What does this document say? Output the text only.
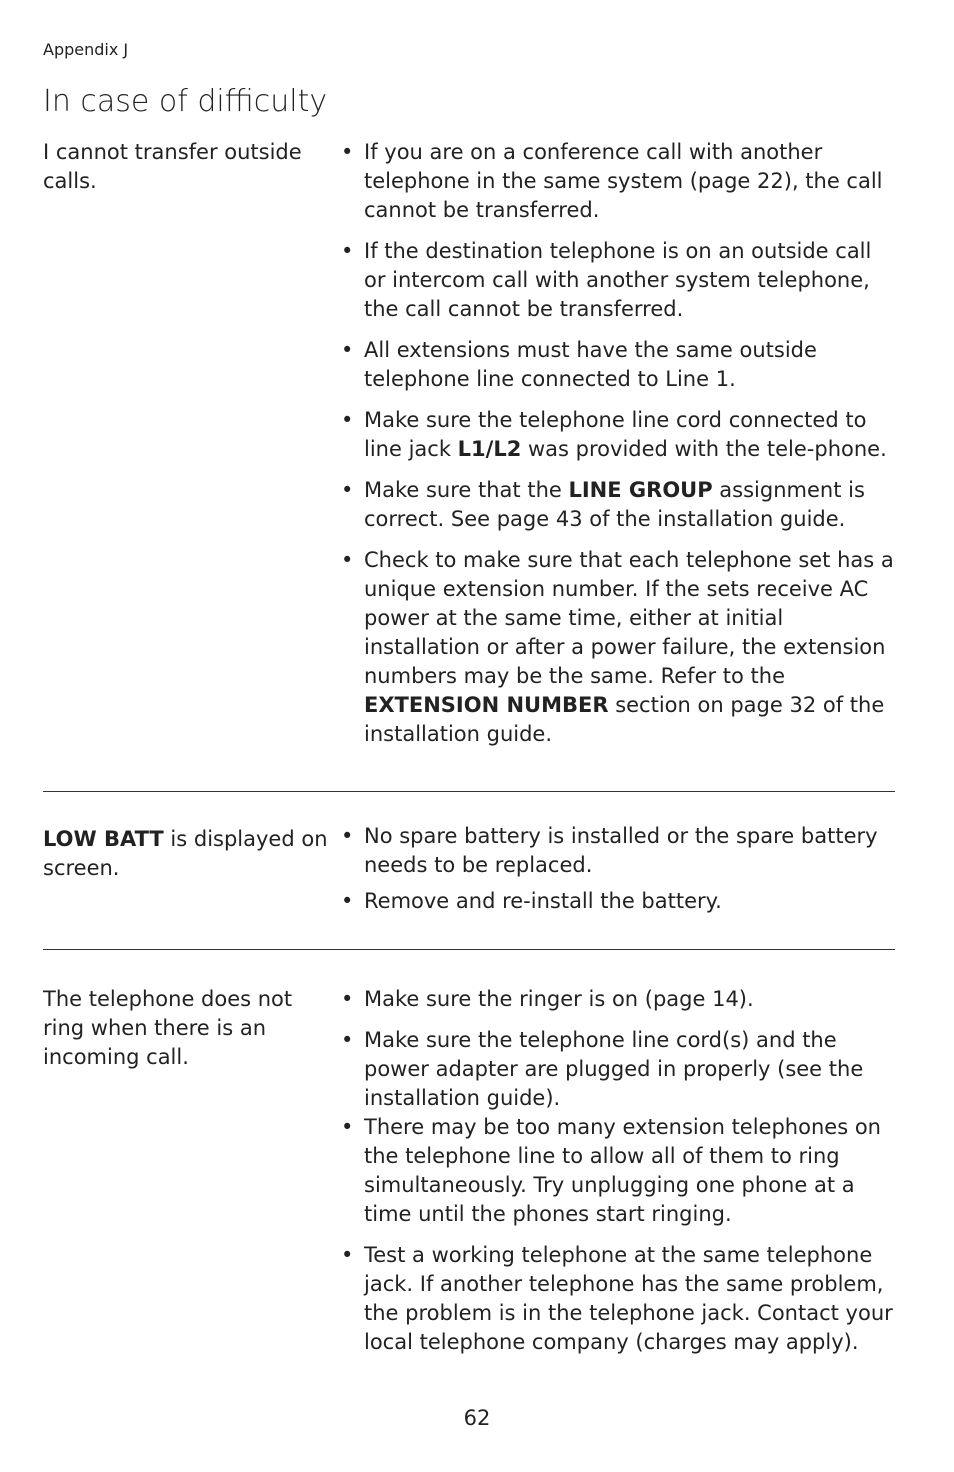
Appendix J
In case of difficulty
I cannot transfer outside calls.
• If you are on a conference call with another telephone in the same system (page 22), the call cannot be transferred.
• If the destination telephone is on an outside call or intercom call with another system telephone, the call cannot be transferred.
• All extensions must have the same outside telephone line connected to Line 1.
• Make sure the telephone line cord connected to line jack L1/L2 was provided with the tele-phone.
• Make sure that the LINE GROUP assignment is correct. See page 43 of the installation guide.
• Check to make sure that each telephone set has a unique extension number. If the sets receive AC power at the same time, either at initial installation or after a power failure, the extension numbers may be the same. Refer to the EXTENSION NUMBER section on page 32 of the installation guide.
LOW BATT is displayed on screen.
• No spare battery is installed or the spare battery needs to be replaced.
• Remove and re-install the battery.
The telephone does not ring when there is an incoming call.
• Make sure the ringer is on (page 14).
• Make sure the telephone line cord(s) and the power adapter are plugged in properly (see the installation guide).
• There may be too many extension telephones on the telephone line to allow all of them to ring simultaneously. Try unplugging one phone at a time until the phones start ringing.
• Test a working telephone at the same telephone jack. If another telephone has the same problem, the problem is in the telephone jack. Contact your local telephone company (charges may apply).
62
